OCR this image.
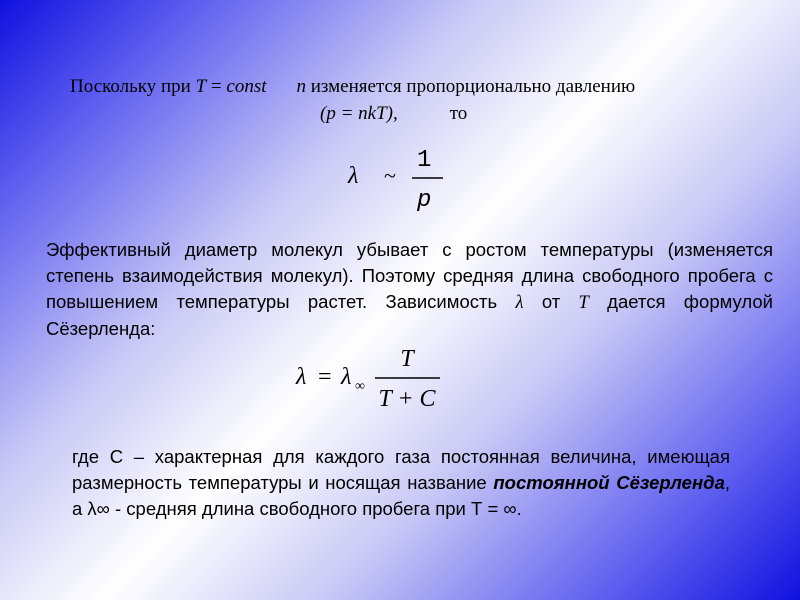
Поскольку при T = const n изменяется пропорционально давлению
(p = nkT),	то
λ ~
1
p
Эффективный диаметр молекул убывает с ростом температуры (изменяется степень взаимодействия молекул). Поэтому средняя длина свободного пробега с повышением температуры растет. Зависимость λ от T дается формулой Сёзерленда:
λ = λ ∞
T
T + C
где С – характерная для каждого газа постоянная величина, имеющая размерность температуры и носящая название постоянной Сёзерленда, а λ∞ - средняя длина свободного пробега при Т = ∞.
